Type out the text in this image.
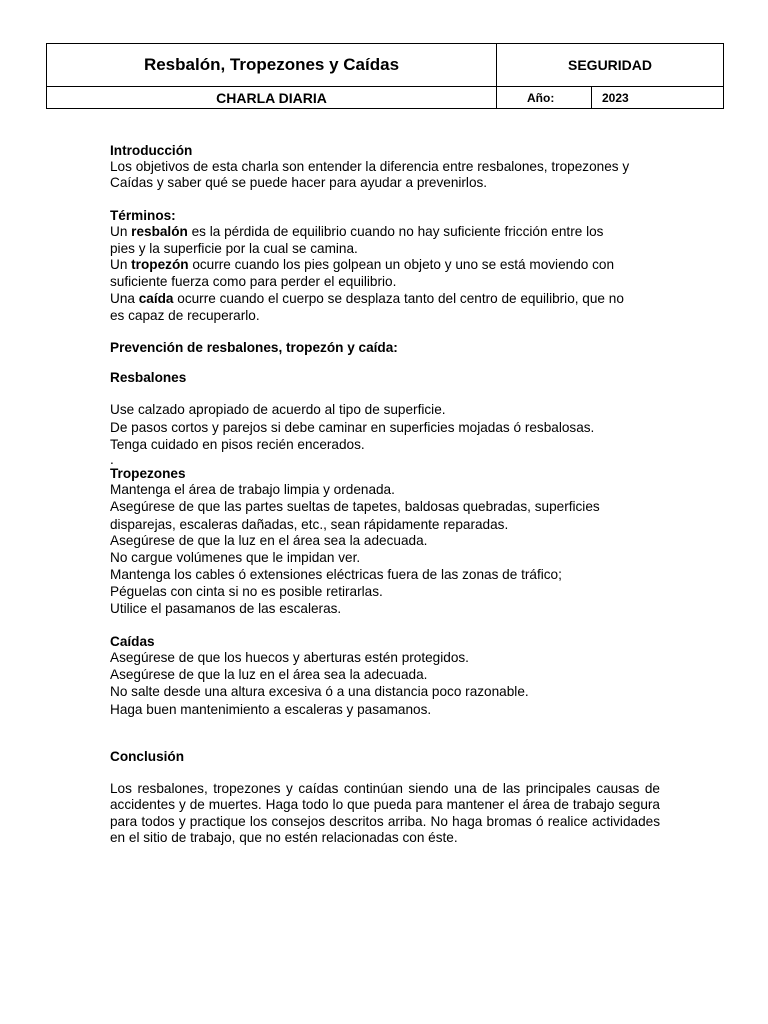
Resbalón, Tropezones y Caídas	SEGURIDAD	
CHARLA DIARIA	Año:	2023

Introducción

Los objetivos de esta charla son entender la diferencia entre resbalones, tropezones y

Caídas y saber qué se puede hacer para ayudar a prevenirlos.

Términos:

Un resbalón es la pérdida de equilibrio cuando no hay suficiente fricción entre los

pies y la superficie por la cual se camina.

Un tropezón ocurre cuando los pies golpean un objeto y uno se está moviendo con

suficiente fuerza como para perder el equilibrio.

Una caída ocurre cuando el cuerpo se desplaza tanto del centro de equilibrio, que no

es capaz de recuperarlo.

Prevención de resbalones, tropezón y caída:

Resbalones

Use calzado apropiado de acuerdo al tipo de superficie.

De pasos cortos y parejos si debe caminar en superficies mojadas ó resbalosas.

Tenga cuidado en pisos recién encerados.

.

Tropezones

Mantenga el área de trabajo limpia y ordenada.

Asegúrese de que las partes sueltas de tapetes, baldosas quebradas, superficies

disparejas, escaleras dañadas, etc., sean rápidamente reparadas.

Asegúrese de que la luz en el área sea la adecuada.

No cargue volúmenes que le impidan ver.

Mantenga los cables ó extensiones eléctricas fuera de las zonas de tráfico;

Péguelas con cinta si no es posible retirarlas.

Utilice el pasamanos de las escaleras.

Caídas

Asegúrese de que los huecos y aberturas estén protegidos.

Asegúrese de que la luz en el área sea la adecuada.

No salte desde una altura excesiva ó a una distancia poco razonable.

Haga buen mantenimiento a escaleras y pasamanos.

Conclusión

Los resbalones, tropezones y caídas continúan siendo una de las principales causas de accidentes y de muertes. Haga todo lo que pueda para mantener el área de trabajo segura para todos y practique los consejos descritos arriba. No haga bromas ó realice actividades en el sitio de trabajo, que no estén relacionadas con éste.
